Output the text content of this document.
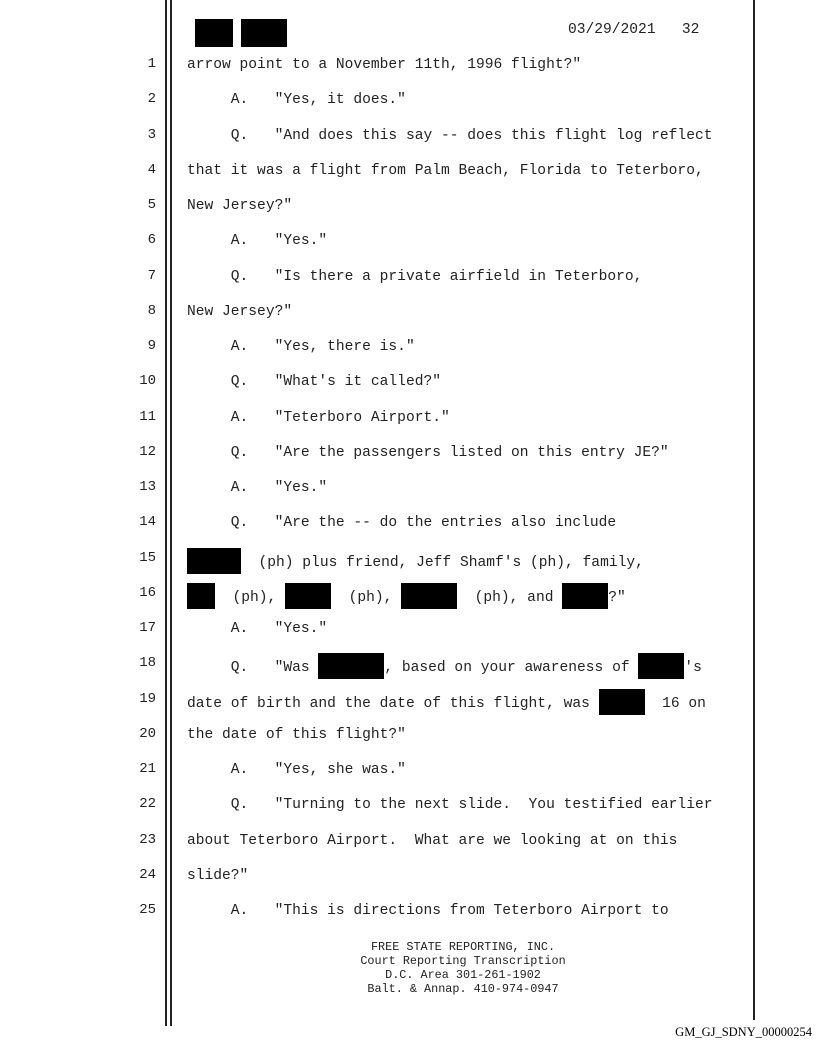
03/29/2021 32
1 arrow point to a November 11th, 1996 flight?"
2 A.   "Yes, it does."
3 Q.   "And does this say -- does this flight log reflect
4 that it was a flight from Palm Beach, Florida to Teterboro,
5 New Jersey?"
6 A.   "Yes."
7 Q.   "Is there a private airfield in Teterboro,
8 New Jersey?"
9 A.   "Yes, there is."
10 Q.   "What's it called?"
11 A.   "Teterboro Airport."
12 Q.   "Are the passengers listed on this entry JE?"
13 A.   "Yes."
14 Q.   "Are the -- do the entries also include
15	(ph) plus friend, Jeff Shamf's (ph), family,
16	(ph),	(ph),	(ph), and	?"
17 A.   "Yes."
18 Q.   "Was	, based on your awareness of	's
19 date of birth and the date of this flight, was	16 on
20 the date of this flight?"
21 A.   "Yes, she was."
22 Q.   "Turning to the next slide.  You testified earlier
23 about Teterboro Airport.  What are we looking at on this
24 slide?"
25 A.   "This is directions from Teterboro Airport to
FREE STATE REPORTING, INC.
Court Reporting Transcription
D.C. Area 301-261-1902
Balt. & Annap. 410-974-0947
GM_GJ_SDNY_00000254
